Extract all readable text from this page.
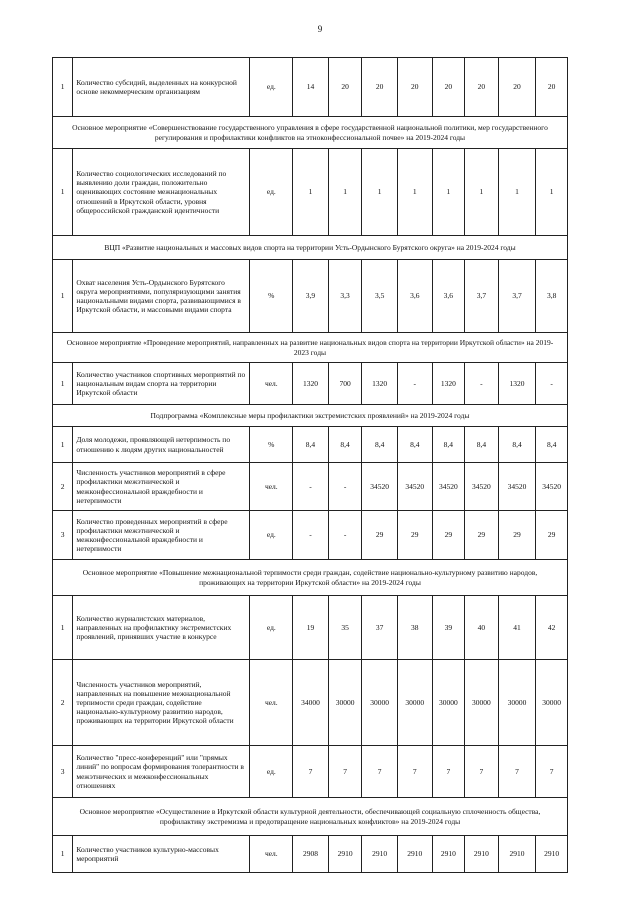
9
1	Количество субсидий, выделенных на конкурсной основе некоммерческим организациям	ед.	14	20	20	20	20	20	20	20
Основное мероприятие «Совершенствование государственного управления в сфере государственной национальной политики, мер государственного регулирования и профилактики конфликтов на этноконфессиональной почве» на 2019-2024 годы										
1	Количество социологических исследований по выявлению доли граждан, положительно оценивающих состояние межнациональных отношений в Иркутской области, уровня общероссийской гражданской идентичности	ед.	1	1	1	1	1	1	1	1
ВЦП «Развитие национальных и массовых видов спорта на территории Усть-Ордынского Бурятского округа» на 2019-2024 годы										
1	Охват населения Усть-Ордынского Бурятского округа мероприятиями, популяризующими занятия национальными видами спорта, развивающимися в Иркутской области, и массовыми видами спорта	%	3,9	3,3	3,5	3,6	3,6	3,7	3,7	3,8
Основное мероприятие «Проведение мероприятий, направленных на развитие национальных видов спорта на территории Иркутской области» на 2019-2023 годы										
1	Количество участников спортивных мероприятий по национальным видам спорта на территории Иркутской области	чел.	1320	700	1320	-	1320	-	1320	-
Подпрограмма «Комплексные меры профилактики экстремистских проявлений» на 2019-2024 годы										
1	Доля молодежи, проявляющей нетерпимость по отношению к людям других национальностей	%	8,4	8,4	8,4	8,4	8,4	8,4	8,4	8,4
2	Численность участников мероприятий в сфере профилактики межэтнической и межконфессиональной враждебности и нетерпимости	чел.	-	-	34520	34520	34520	34520	34520	34520
3	Количество проведенных мероприятий в сфере профилактики межэтнической и межконфессиональной враждебности и нетерпимости	ед.	-	-	29	29	29	29	29	29
Основное мероприятие «Повышение межнациональной терпимости среди граждан, содействие национально-культурному развитию народов, проживающих на территории Иркутской области» на 2019-2024 годы										
1	Количество журналистских материалов, направленных на профилактику экстремистских проявлений, принявших участие в конкурсе	ед.	19	35	37	38	39	40	41	42
2	Численность участников мероприятий, направленных на повышение межнациональной терпимости среди граждан, содействие национально-культурному развитию народов, проживающих на территории Иркутской области	чел.	34000	30000	30000	30000	30000	30000	30000	30000
3	Количество "пресс-конференций" или "прямых линий" по вопросам формирования толерантности в межэтнических и межконфессиональных отношениях	ед.	7	7	7	7	7	7	7	7
Основное мероприятие «Осуществление в Иркутской области культурной деятельности, обеспечивающей социальную сплоченность общества, профилактику экстремизма и предотвращение национальных конфликтов» на 2019-2024 годы										
1	Количество участников культурно-массовых мероприятий	чел.	2908	2910	2910	2910	2910	2910	2910	2910
